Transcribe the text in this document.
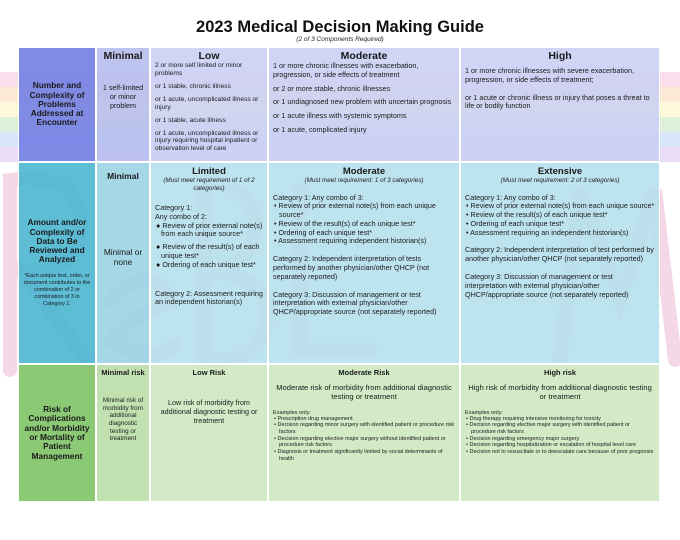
2023 Medical Decision Making Guide
(2 of 3 Components Required)
Number and Complexity of Problems Addressed at Encounter
Minimal
1 self-limited or minor problem
Low
2 or more self limited or minor problems
or 1 stable, chronic illness
or 1 acute, uncomplicated illness or injury
or 1 stable, acute illness
or 1 acute, uncomplicated illness or injury requiring hospital inpatient or observation level of care
Moderate
1 or more chronic illnesses with exacerbation, progression, or side effects of treatment
or 2 or more stable, chronic illnesses
or 1 undiagnosed new problem with uncertain prognosis
or 1 acute illness with systemic symptoms
or 1 acute, complicated injury
High
1 or more chronic illnesses with severe exacerbation, progression, or side effects of treatment;
or 1 acute or chronic illness or injury that poses a threat to life or bodily function
Amount and/or Complexity of Data to Be Reviewed and Analyzed
*Each unique test, order, or document contributes to the combination of 2 or combination of 3 in Category 1.
Minimal
Minimal or none
Limited
(Must meet requirement of 1 of 2 categories)
Category 1:
Any combo of 2:
● Review of prior external note(s) from each unique source*
● Review of the result(s) of each unique test*
● Ordering of each unique test*
Category 2: Assessment requiring an independent historian(s)
Moderate
(Must meet requirement: 1 of 3 categories)
Category 1: Any combo of 3:
• Review of prior external note(s) from each unique source*
• Review of the result(s) of each unique test*
• Ordering of each unique test*
• Assessment requiring independent historian(s)
Category 2: Independent interpretation of tests performed by another physician/other QHCP (not separately reported)
Category 3: Discussion of management or test interpretation with external physician/other QHCP/appropriate source (not separately reported)
Extensive
(Must meet requirement: 2 of 3 categories)
Category 1: Any combo of 3:
• Review of prior external note(s) from each unique source*
• Review of the result(s) of each unique test*
• Ordering of each unique test*
• Assessment requiring an independent historian(s)
Category 2: Independent interpretation of test performed by another physician/other QHCP (not separately reported)
Category 3: Discussion of management or test interpretation with external physician/other QHCP/appropriate source (not separately reported)
Risk of Complications and/or Morbidity or Mortality of Patient Management
Minimal risk
Minimal risk of morbidity from additional diagnostic testing or treatment
Low Risk
Low risk of morbidity from additional diagnostic testing or treatment
Moderate Risk
Moderate risk of morbidity from additional diagnostic testing or treatment
Examples only:
• Prescription drug management
• Decision regarding minor surgery with identified patient or procedure risk factors
• Decision regarding elective major surgery without identified patient or procedure risk factors
• Diagnosis or treatment significantly limited by social determinants of health
High risk
High risk of morbidity from additional diagnostic testing or treatment
Examples only:
• Drug therapy requiring intensive monitoring for toxicity
• Decision regarding elective major surgery with identified patient or procedure risk factors
• Decision regarding emergency major surgery
• Decision regarding hospitalization or escalation of hospital level care
• Decision not to resuscitate or to deescalate care because of poor prognosis
